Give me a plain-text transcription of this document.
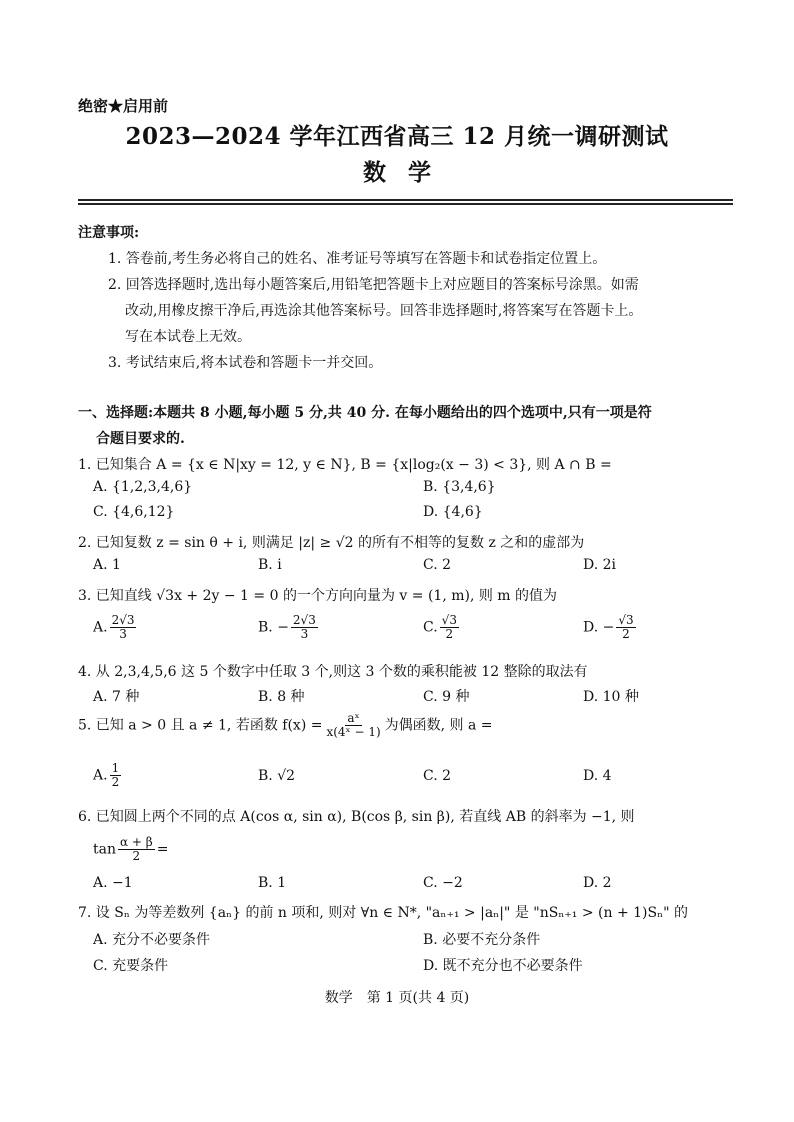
绝密★启用前
2023—2024 学年江西省高三 12 月统一调研测试
数学
注意事项:
1. 答卷前,考生务必将自己的姓名、准考证号等填写在答题卡和试卷指定位置上。
2. 回答选择题时,选出每小题答案后,用铅笔把答题卡上对应题目的答案标号涂黑。如需
改动,用橡皮擦干净后,再选涂其他答案标号。回答非选择题时,将答案写在答题卡上。
写在本试卷上无效。
3. 考试结束后,将本试卷和答题卡一并交回。
一、选择题:本题共 8 小题,每小题 5 分,共 40 分. 在每小题给出的四个选项中,只有一项是符
合题目要求的.
1. 已知集合 A = {x ∈ N|xy = 12, y ∈ N}, B = {x|log₂(x − 3) < 3}, 则 A ∩ B =
A. {1,2,3,4,6}	B. {3,4,6}
C. {4,6,12}	D. {4,6}
2. 已知复数 z = sin θ + i, 则满足 |z| ≥ √2 的所有不相等的复数 z 之和的虚部为
A. 1	B. i	C. 2	D. 2i
3. 已知直线 √3x + 2y − 1 = 0 的一个方向向量为 v = (1, m), 则 m 的值为
A. $\frac{2√3}{3}$	B. − $\frac{2√3}{3}$	C. $\frac{√3}{2}$	D. − $\frac{√3}{2}$
4. 从 2,3,4,5,6 这 5 个数字中任取 3 个,则这 3 个数的乘积能被 12 整除的取法有
A. 7 种	B. 8 种	C. 9 种	D. 10 种
5. 已知 a > 0 且 a ≠ 1, 若函数 $f(x) = \frac{\text{aˣ}}{\text{x(4ˣ − 1)}}$ 为偶函数, 则 a =
A. $\frac{1}{2}$	B. √2	C. 2	D. 4
6. 已知圆上两个不同的点 A(cos α, sin α), B(cos β, sin β), 若直线 AB 的斜率为 −1, 则
$\tan \frac{\alpha + \beta}{2}$ =
A. −1	B. 1	C. −2	D. 2
7. 设 Sₙ 为等差数列 {aₙ} 的前 n 项和, 则对 ∀n ∈ N*, "aₙ₊₁ > |aₙ|" 是 "nSₙ₊₁ > (n + 1)Sₙ" 的
A. 充分不必要条件	B. 必要不充分条件
C. 充要条件	D. 既不充分也不必要条件
数学　第 1 页(共 4 页)
